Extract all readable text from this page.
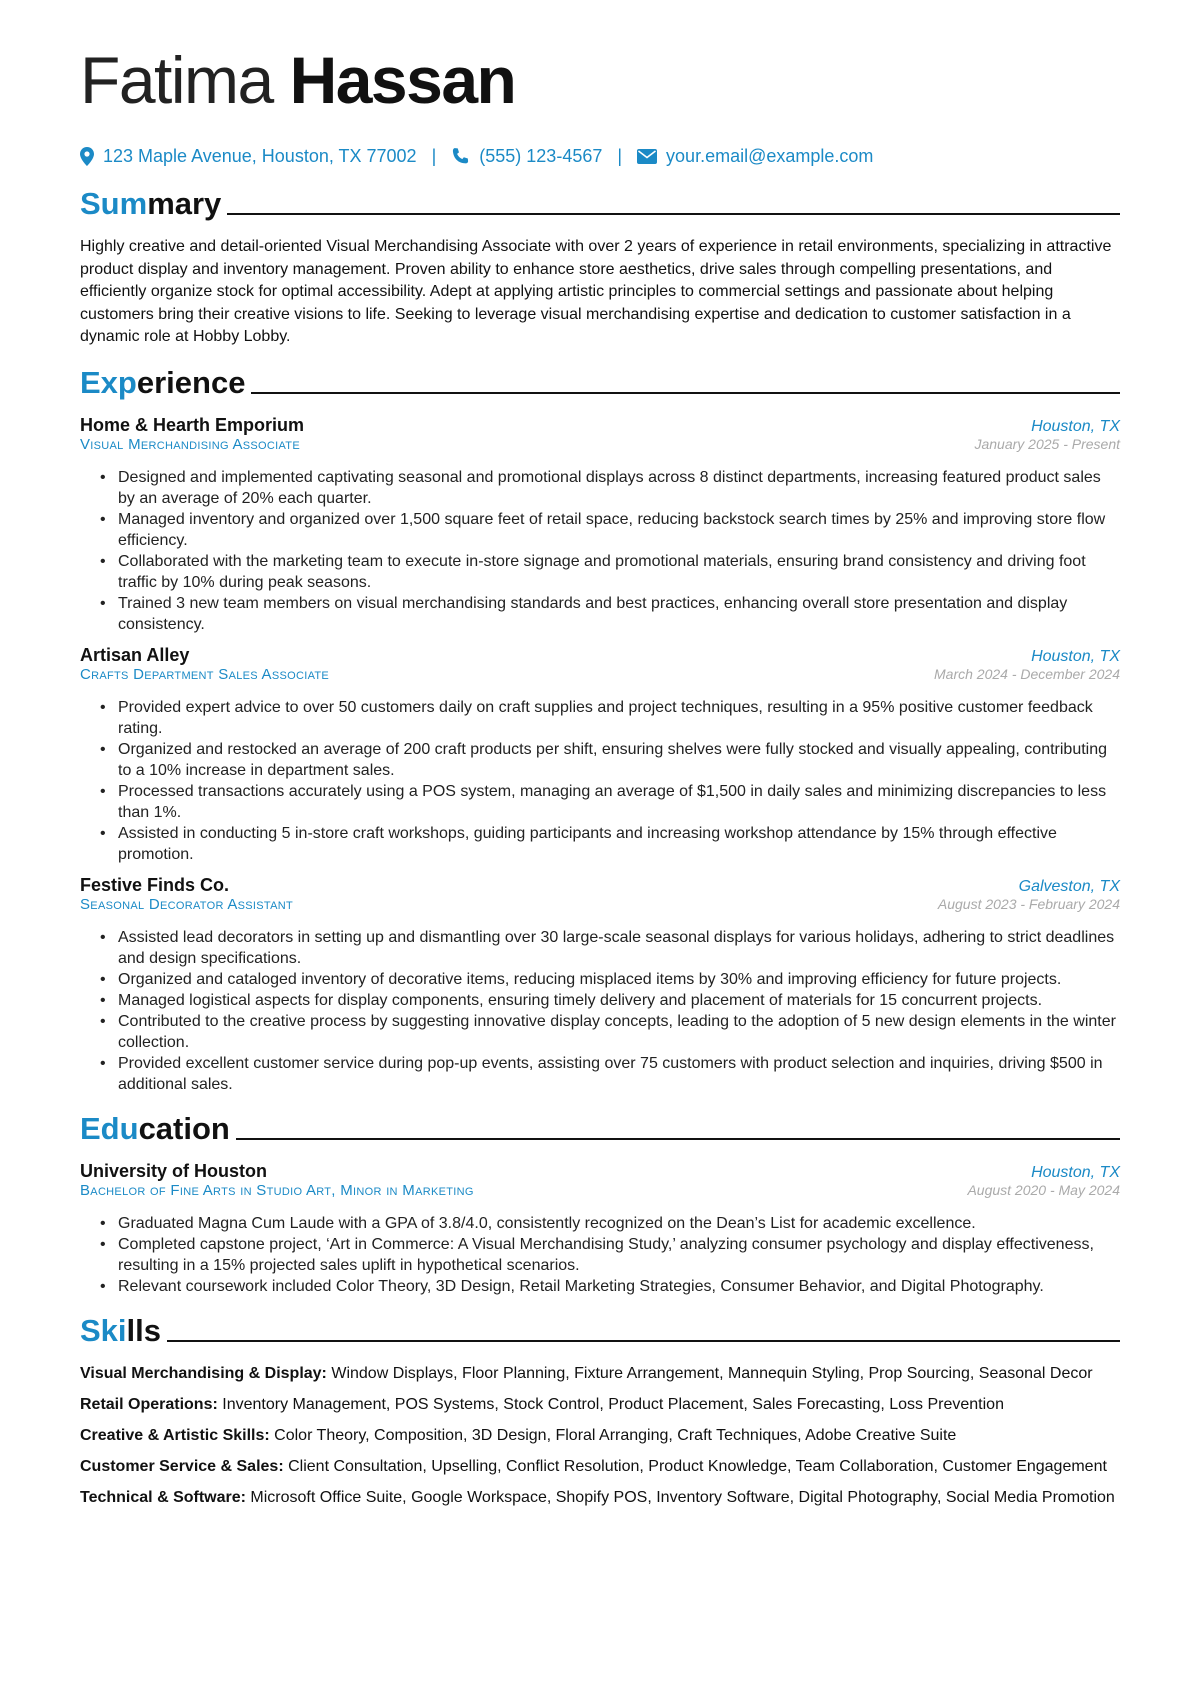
Fatima Hassan
123 Maple Avenue, Houston, TX 77002 | (555) 123-4567 | your.email@example.com
Summary
Highly creative and detail-oriented Visual Merchandising Associate with over 2 years of experience in retail environments, specializing in attractive product display and inventory management. Proven ability to enhance store aesthetics, drive sales through compelling presentations, and efficiently organize stock for optimal accessibility. Adept at applying artistic principles to commercial settings and passionate about helping customers bring their creative visions to life. Seeking to leverage visual merchandising expertise and dedication to customer satisfaction in a dynamic role at Hobby Lobby.
Experience
Home & Hearth Emporium	Houston, TX
Visual Merchandising Associate	January 2025 - Present
• Designed and implemented captivating seasonal and promotional displays across 8 distinct departments, increasing featured product sales by an average of 20% each quarter.
• Managed inventory and organized over 1,500 square feet of retail space, reducing backstock search times by 25% and improving store flow efficiency.
• Collaborated with the marketing team to execute in-store signage and promotional materials, ensuring brand consistency and driving foot traffic by 10% during peak seasons.
• Trained 3 new team members on visual merchandising standards and best practices, enhancing overall store presentation and display consistency.
Artisan Alley	Houston, TX
Crafts Department Sales Associate	March 2024 - December 2024
• Provided expert advice to over 50 customers daily on craft supplies and project techniques, resulting in a 95% positive customer feedback rating.
• Organized and restocked an average of 200 craft products per shift, ensuring shelves were fully stocked and visually appealing, contributing to a 10% increase in department sales.
• Processed transactions accurately using a POS system, managing an average of $1,500 in daily sales and minimizing discrepancies to less than 1%.
• Assisted in conducting 5 in-store craft workshops, guiding participants and increasing workshop attendance by 15% through effective promotion.
Festive Finds Co.	Galveston, TX
Seasonal Decorator Assistant	August 2023 - February 2024
• Assisted lead decorators in setting up and dismantling over 30 large-scale seasonal displays for various holidays, adhering to strict deadlines and design specifications.
• Organized and cataloged inventory of decorative items, reducing misplaced items by 30% and improving efficiency for future projects.
• Managed logistical aspects for display components, ensuring timely delivery and placement of materials for 15 concurrent projects.
• Contributed to the creative process by suggesting innovative display concepts, leading to the adoption of 5 new design elements in the winter collection.
• Provided excellent customer service during pop-up events, assisting over 75 customers with product selection and inquiries, driving $500 in additional sales.
Education
University of Houston	Houston, TX
Bachelor of Fine Arts in Studio Art, Minor in Marketing	August 2020 - May 2024
• Graduated Magna Cum Laude with a GPA of 3.8/4.0, consistently recognized on the Dean’s List for academic excellence.
• Completed capstone project, ‘Art in Commerce: A Visual Merchandising Study,’ analyzing consumer psychology and display effectiveness, resulting in a 15% projected sales uplift in hypothetical scenarios.
• Relevant coursework included Color Theory, 3D Design, Retail Marketing Strategies, Consumer Behavior, and Digital Photography.
Skills
Visual Merchandising & Display: Window Displays, Floor Planning, Fixture Arrangement, Mannequin Styling, Prop Sourcing, Seasonal Decor
Retail Operations: Inventory Management, POS Systems, Stock Control, Product Placement, Sales Forecasting, Loss Prevention
Creative & Artistic Skills: Color Theory, Composition, 3D Design, Floral Arranging, Craft Techniques, Adobe Creative Suite
Customer Service & Sales: Client Consultation, Upselling, Conflict Resolution, Product Knowledge, Team Collaboration, Customer Engagement
Technical & Software: Microsoft Office Suite, Google Workspace, Shopify POS, Inventory Software, Digital Photography, Social Media Promotion
